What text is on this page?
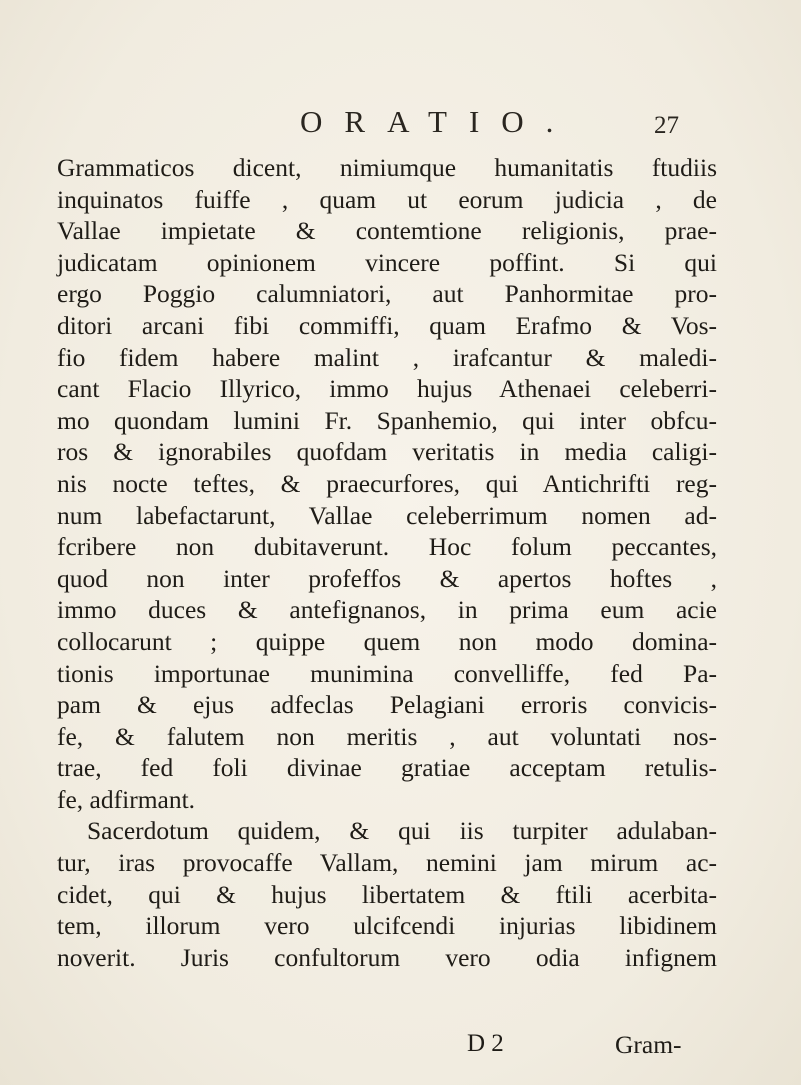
ORATIO.	27
Grammaticos dicent, nimiumque humanitatis ftudiis
inquinatos fuiffe , quam ut eorum judicia , de
Vallae impietate & contemtione religionis, prae-
judicatam opinionem vincere poffint. Si qui
ergo Poggio calumniatori, aut Panhormitae pro-
ditori arcani fibi commiffi, quam Erafmo & Vos-
fio fidem habere malint , irafcantur & maledi-
cant Flacio Illyrico, immo hujus Athenaei celeberri-
mo quondam lumini Fr. Spanhemio, qui inter obfcu-
ros & ignorabiles quofdam veritatis in media caligi-
nis nocte teftes, & praecurfores, qui Antichrifti reg-
num labefactarunt, Vallae celeberrimum nomen ad-
fcribere non dubitaverunt. Hoc folum peccantes,
quod non inter profeffos & apertos hoftes ,
immo duces & antefignanos, in prima eum acie
collocarunt ; quippe quem non modo domina-
tionis importunae munimina convelliffe, fed Pa-
pam & ejus adfeclas Pelagiani erroris convicis-
fe, & falutem non meritis , aut voluntati nos-
trae, fed foli divinae gratiae acceptam retulis-
fe, adfirmant.
Sacerdotum quidem, & qui iis turpiter adulaban-
tur, iras provocaffe Vallam, nemini jam mirum ac-
cidet, qui & hujus libertatem & ftili acerbita-
tem, illorum vero ulcifcendi injurias libidinem
noverit. Juris confultorum vero odia infignem
D 2	Gram-
